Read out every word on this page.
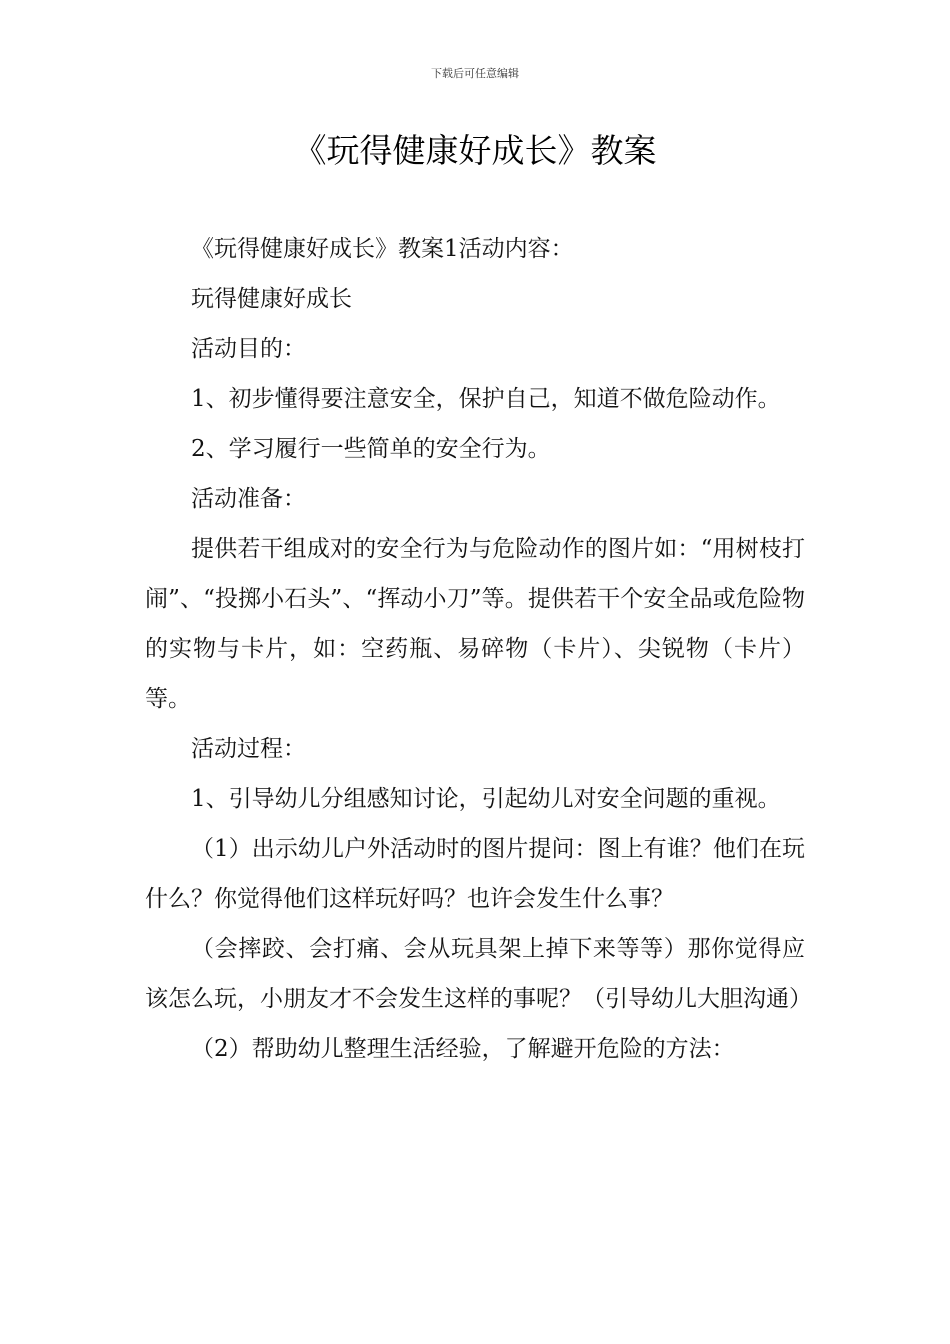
下载后可任意编辑
《玩得健康好成长》教案

《玩得健康好成长》教案1活动内容：

玩得健康好成长

活动目的：

1、初步懂得要注意安全，保护自己，知道不做危险动作。

2、学习履行一些简单的安全行为。

活动准备：

提供若干组成对的安全行为与危险动作的图片如：“用树枝打闹”、“投掷小石头”、“挥动小刀”等。提供若干个安全品或危险物的实物与卡片，如：空药瓶、易碎物（卡片）、尖锐物（卡片）等。

活动过程：

1、引导幼儿分组感知讨论，引起幼儿对安全问题的重视。

（1）出示幼儿户外活动时的图片提问：图上有谁？他们在玩什么？你觉得他们这样玩好吗？也许会发生什么事？

（会摔跤、会打痛、会从玩具架上掉下来等等）那你觉得应该怎么玩，小朋友才不会发生这样的事呢？（引导幼儿大胆沟通）

（2）帮助幼儿整理生活经验，了解避开危险的方法：
